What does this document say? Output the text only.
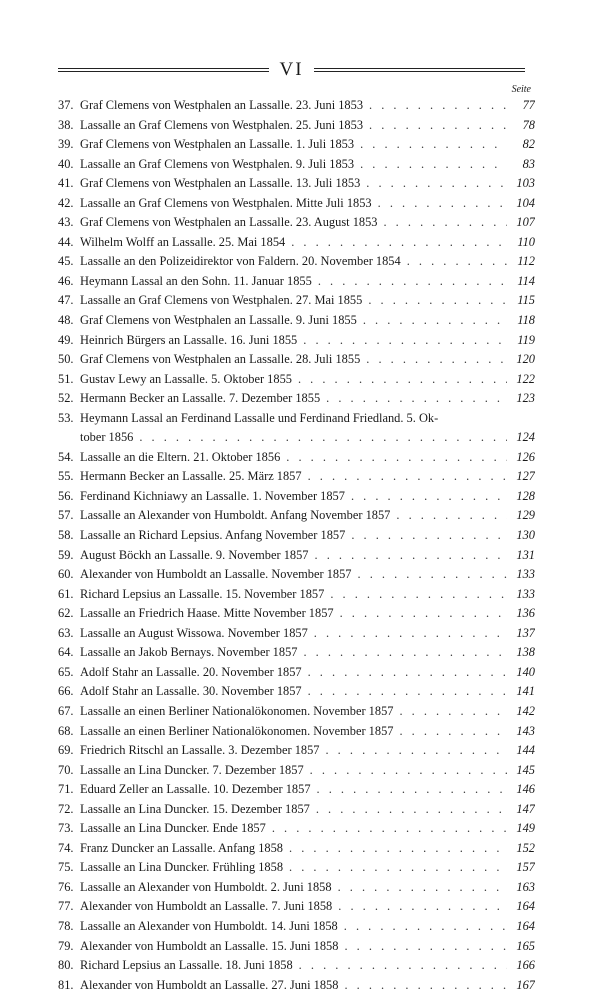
VI
Seite
37. Graf Clemens von Westphalen an Lassalle. 23. Juni 1853 . . .	77
38. Lassalle an Graf Clemens von Westphalen. 25. Juni 1853 . . .	78
39. Graf Clemens von Westphalen an Lassalle. 1. Juli 1853 . . .	82
40. Lassalle an Graf Clemens von Westphalen. 9. Juli 1853 . . .	83
41. Graf Clemens von Westphalen an Lassalle. 13. Juli 1853 . . .	103
42. Lassalle an Graf Clemens von Westphalen. Mitte Juli 1853 . . .	104
43. Graf Clemens von Westphalen an Lassalle. 23. August 1853 . . .	107
44. Wilhelm Wolff an Lassalle. 25. Mai 1854 . . .	110
45. Lassalle an den Polizeidirektor von Faldern. 20. November 1854 . . .	112
46. Heymann Lassal an den Sohn. 11. Januar 1855 . . .	114
47. Lassalle an Graf Clemens von Westphalen. 27. Mai 1855 . . .	115
48. Graf Clemens von Westphalen an Lassalle. 9. Juni 1855 . . .	118
49. Heinrich Bürgers an Lassalle. 16. Juni 1855 . . .	119
50. Graf Clemens von Westphalen an Lassalle. 28. Juli 1855 . . .	120
51. Gustav Lewy an Lassalle. 5. Oktober 1855 . . .	122
52. Hermann Becker an Lassalle. 7. Dezember 1855 . . .	123
53. Heymann Lassal an Ferdinand Lassalle und Ferdinand Friedland. 5. Ok-
tober 1856 . . .	124
54. Lassalle an die Eltern. 21. Oktober 1856 . . .	126
55. Hermann Becker an Lassalle. 25. März 1857 . . .	127
56. Ferdinand Kichniawy an Lassalle. 1. November 1857 . . .	128
57. Lassalle an Alexander von Humboldt. Anfang November 1857 . . .	129
58. Lassalle an Richard Lepsius. Anfang November 1857 . . .	130
59. August Böckh an Lassalle. 9. November 1857 . . .	131
60. Alexander von Humboldt an Lassalle. November 1857 . . .	133
61. Richard Lepsius an Lassalle. 15. November 1857 . . .	133
62. Lassalle an Friedrich Haase. Mitte November 1857 . . .	136
63. Lassalle an August Wissowa. November 1857 . . .	137
64. Lassalle an Jakob Bernays. November 1857 . . .	138
65. Adolf Stahr an Lassalle. 20. November 1857 . . .	140
66. Adolf Stahr an Lassalle. 30. November 1857 . . .	141
67. Lassalle an einen Berliner Nationalökonomen. November 1857 . . .	142
68. Lassalle an einen Berliner Nationalökonomen. November 1857 . . .	143
69. Friedrich Ritschl an Lassalle. 3. Dezember 1857 . . .	144
70. Lassalle an Lina Duncker. 7. Dezember 1857 . . .	145
71. Eduard Zeller an Lassalle. 10. Dezember 1857 . . .	146
72. Lassalle an Lina Duncker. 15. Dezember 1857 . . .	147
73. Lassalle an Lina Duncker. Ende 1857 . . .	149
74. Franz Duncker an Lassalle. Anfang 1858 . . .	152
75. Lassalle an Lina Duncker. Frühling 1858 . . .	157
76. Lassalle an Alexander von Humboldt. 2. Juni 1858 . . .	163
77. Alexander von Humboldt an Lassalle. 7. Juni 1858 . . .	164
78. Lassalle an Alexander von Humboldt. 14. Juni 1858 . . .	164
79. Alexander von Humboldt an Lassalle. 15. Juni 1858 . . .	165
80. Richard Lepsius an Lassalle. 18. Juni 1858 . . .	166
81. Alexander von Humboldt an Lassalle. 27. Juni 1858 . . .	167
